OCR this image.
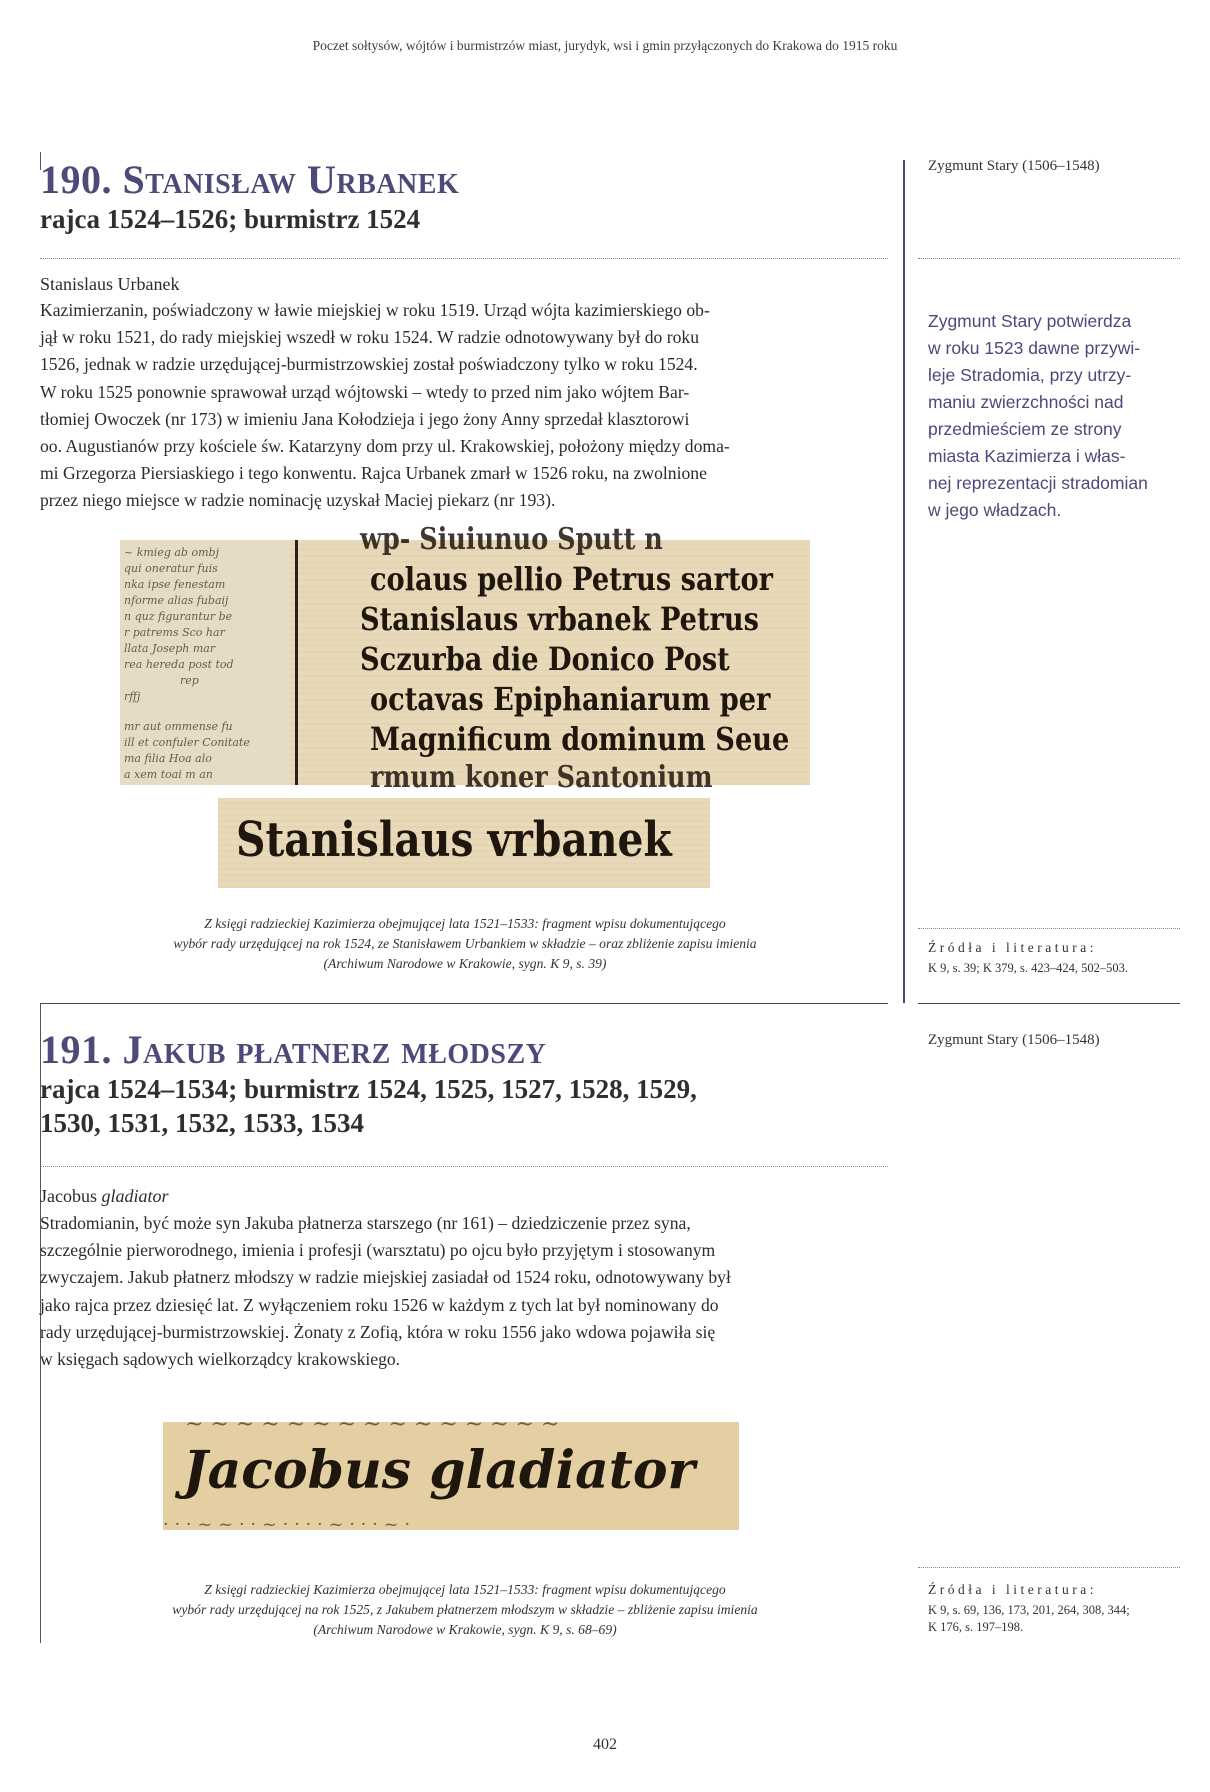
Poczet sołtysów, wójtów i burmistrzów miast, jurydyk, wsi i gmin przyłączonych do Krakowa do 1915 roku
190. Stanisław Urbanek
rajca 1524–1526; burmistrz 1524
Stanislaus Urbanek
Kazimierzanin, poświadczony w ławie miejskiej w roku 1519. Urząd wójta kazimierskiego ob-
jął w roku 1521, do rady miejskiej wszedł w roku 1524. W radzie odnotowywany był do roku
1526, jednak w radzie urzędującej-burmistrzowskiej został poświadczony tylko w roku 1524.
W roku 1525 ponownie sprawował urząd wójtowski – wtedy to przed nim jako wójtem Bar-
tłomiej Owoczek (nr 173) w imieniu Jana Kołodzieja i jego żony Anny sprzedał klasztorowi
oo. Augustianów przy kościele św. Katarzyny dom przy ul. Krakowskiej, położony między doma-
mi Grzegorza Piersiaskiego i tego konwentu. Rajca Urbanek zmarł w 1526 roku, na zwolnione
przez niego miejsce w radzie nominację uzyskał Maciej piekarz (nr 193).
~ kmieg ab ombj
qui oneratur fuis
nka ipse fenestam
nforme alias fubaij
n quz figurantur be
r patrems Sco har
llata Joseph mar
rea hereda post tod
rep
rffj
mr aut ommense fu
ill et confuler Conitate
ma filia Hoa alo
a xem toai m an
wp- Siuiunuo Sputt n
colaus pellio Petrus sartor
Stanislaus vrbanek Petrus
Sczurba die Donico Post
octavas Epiphaniarum per
Magnificum dominum Seue
rmum koner Santonium
Stanislaus vrbanek
Z księgi radzieckiej Kazimierza obejmującej lata 1521–1533: fragment wpisu dokumentującego
wybór rady urzędującej na rok 1524, ze Stanisławem Urbankiem w składzie – oraz zbliżenie zapisu imienia
(Archiwum Narodowe w Krakowie, sygn. K 9, s. 39)
Zygmunt Stary (1506–1548)
Zygmunt Stary potwierdza
w roku 1523 dawne przywi-
leje Stradomia, przy utrzy-
maniu zwierzchności nad
przedmieściem ze strony
miasta Kazimierza i włas-
nej reprezentacji stradomian
w jego władzach.
Źródła i literatura:
K 9, s. 39; K 379, s. 423–424, 502–503.
191. Jakub płatnerz młodszy
rajca 1524–1534; burmistrz 1524, 1525, 1527, 1528, 1529,
1530, 1531, 1532, 1533, 1534
Jacobus gladiator
Stradomianin, być może syn Jakuba płatnerza starszego (nr 161) – dziedziczenie przez syna,
szczególnie pierworodnego, imienia i profesji (warsztatu) po ojcu było przyjętym i stosowanym
zwyczajem. Jakub płatnerz młodszy w radzie miejskiej zasiadał od 1524 roku, odnotowywany był
jako rajca przez dziesięć lat. Z wyłączeniem roku 1526 w każdym z tych lat był nominowany do
rady urzędującej-burmistrzowskiej. Żonaty z Zofią, która w roku 1556 jako wdowa pojawiła się
w księgach sądowych wielkorządcy krakowskiego.
~ ~ ~ ~ ~ ~ ~ ~ ~ ~ ~ ~ ~ ~ ~
Jacobus gladiator
· · · ~ ~ · · ~ · · · · ~ · · · ~ ·
Z księgi radzieckiej Kazimierza obejmującej lata 1521–1533: fragment wpisu dokumentującego
wybór rady urzędującej na rok 1525, z Jakubem płatnerzem młodszym w składzie – zbliżenie zapisu imienia
(Archiwum Narodowe w Krakowie, sygn. K 9, s. 68–69)
Zygmunt Stary (1506–1548)
Źródła i literatura:
K 9, s. 69, 136, 173, 201, 264, 308, 344;
K 176, s. 197–198.
402
